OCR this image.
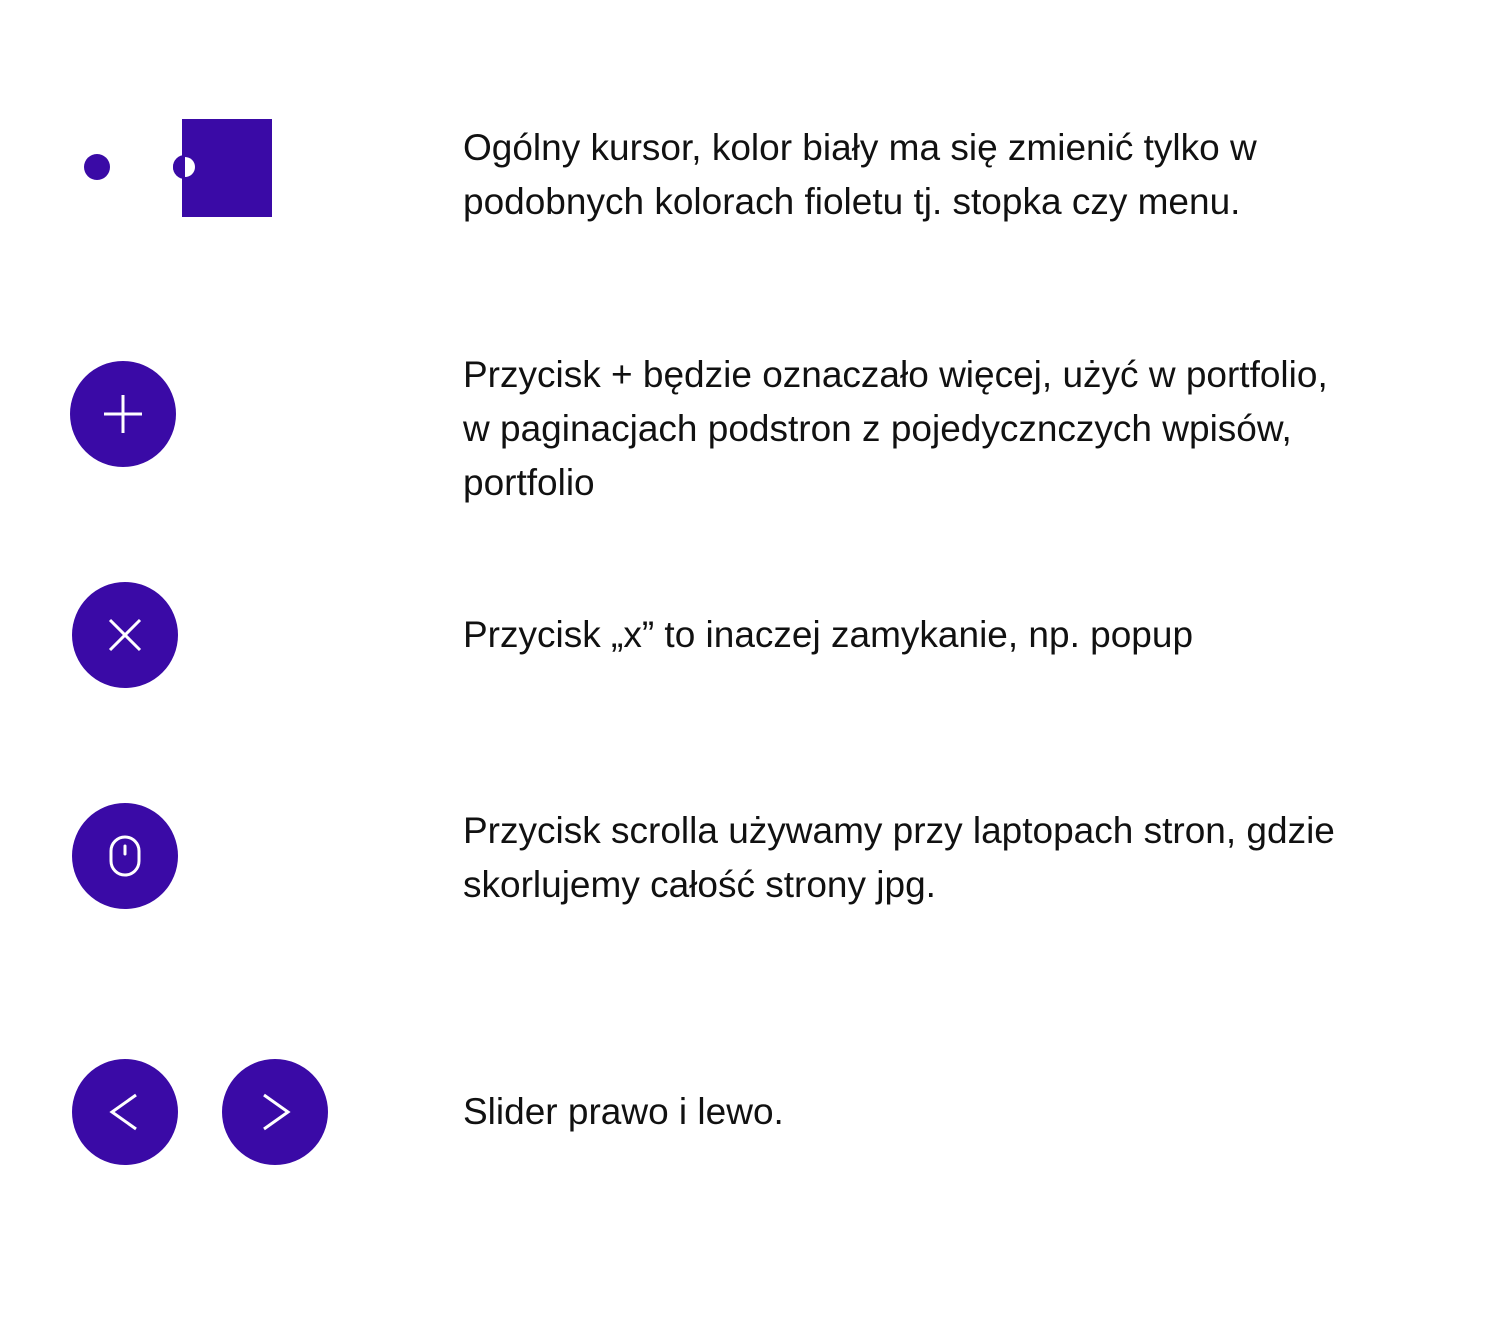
Ogólny kursor, kolor biały ma się zmienić tylko w
podobnych kolorach fioletu tj. stopka czy menu.

Przycisk + będzie oznaczało więcej, użyć w portfolio,
w paginacjach podstron z pojedycznczych wpisów,
portfolio

Przycisk „x” to inaczej zamykanie, np. popup

Przycisk scrolla używamy przy laptopach stron, gdzie
skorlujemy całość strony jpg.

Slider prawo i lewo.
